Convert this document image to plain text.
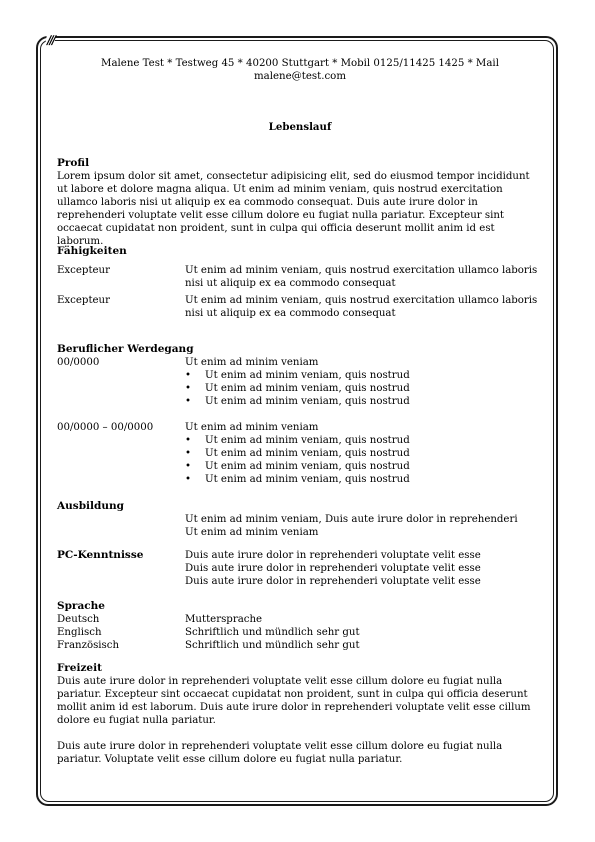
///
Malene Test * Testweg 45 * 40200 Stuttgart * Mobil 0125/11425 1425 * Mail malene@test.com
Lebenslauf
Profil

Lorem ipsum dolor sit amet, consectetur adipisicing elit, sed do eiusmod tempor incididunt ut labore et dolore magna aliqua. Ut enim ad minim veniam, quis nostrud exercitation ullamco laboris nisi ut aliquip ex ea commodo consequat. Duis aute irure dolor in reprehenderi voluptate velit esse cillum dolore eu fugiat nulla pariatur. Excepteur sint occaecat cupidatat non proident, sunt in culpa qui officia deserunt mollit anim id est laborum.

Fähigkeiten
Excepteur	Ut enim ad minim veniam, quis nostrud exercitation ullamco laboris nisi ut aliquip ex ea commodo consequat
Excepteur	Ut enim ad minim veniam, quis nostrud exercitation ullamco laboris nisi ut aliquip ex ea commodo consequat
Beruflicher Werdegang
00/0000	Ut enim ad minim veniam
• Ut enim ad minim veniam, quis nostrud
• Ut enim ad minim veniam, quis nostrud
• Ut enim ad minim veniam, quis nostrud
00/0000 – 00/0000	Ut enim ad minim veniam
• Ut enim ad minim veniam, quis nostrud
• Ut enim ad minim veniam, quis nostrud
• Ut enim ad minim veniam, quis nostrud
• Ut enim ad minim veniam, quis nostrud
Ausbildung
Ut enim ad minim veniam, Duis aute irure dolor in reprehenderi
Ut enim ad minim veniam
PC-Kenntnisse	Duis aute irure dolor in reprehenderi voluptate velit esse
Duis aute irure dolor in reprehenderi voluptate velit esse
Duis aute irure dolor in reprehenderi voluptate velit esse
Sprache
Deutsch	Muttersprache
Englisch	Schriftlich und mündlich sehr gut
Französisch	Schriftlich und mündlich sehr gut
Freizeit

Duis aute irure dolor in reprehenderi voluptate velit esse cillum dolore eu fugiat nulla pariatur. Excepteur sint occaecat cupidatat non proident, sunt in culpa qui officia deserunt mollit anim id est laborum. Duis aute irure dolor in reprehenderi voluptate velit esse cillum dolore eu fugiat nulla pariatur.

Duis aute irure dolor in reprehenderi voluptate velit esse cillum dolore eu fugiat nulla pariatur. Voluptate velit esse cillum dolore eu fugiat nulla pariatur.
